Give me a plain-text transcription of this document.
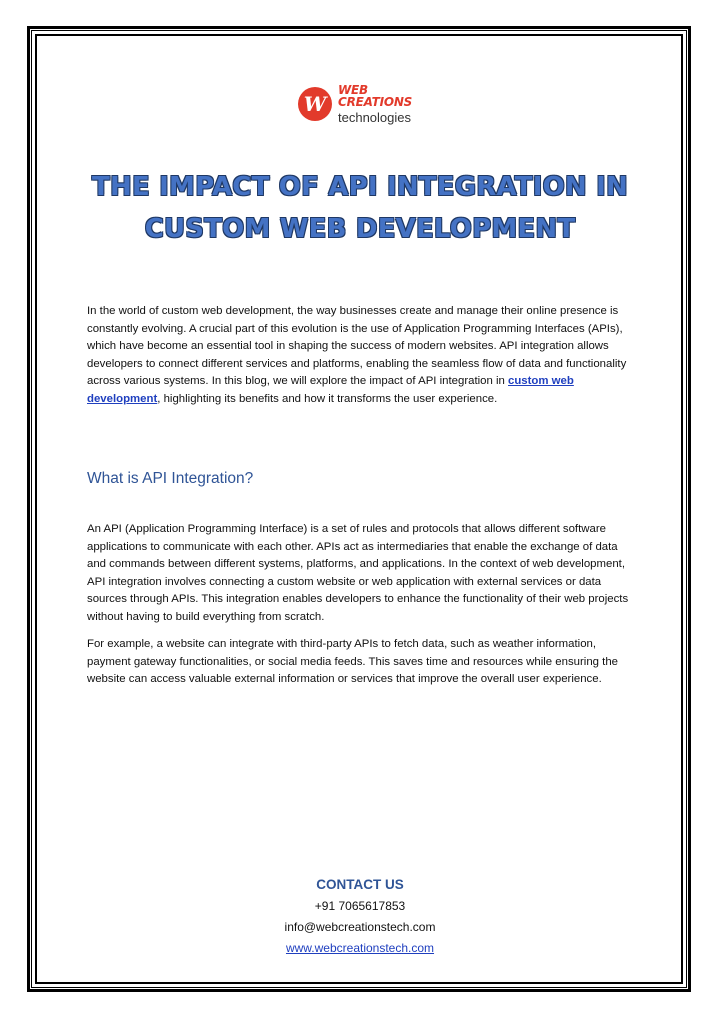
W
WEB CREATIONS
technologies
THE IMPACT OF API INTEGRATION IN CUSTOM WEB DEVELOPMENT

In the world of custom web development, the way businesses create and manage their online presence is constantly evolving. A crucial part of this evolution is the use of Application Programming Interfaces (APIs), which have become an essential tool in shaping the success of modern websites. API integration allows developers to connect different services and platforms, enabling the seamless flow of data and functionality across various systems. In this blog, we will explore the impact of API integration in custom web development, highlighting its benefits and how it transforms the user experience.

What is API Integration?

An API (Application Programming Interface) is a set of rules and protocols that allows different software applications to communicate with each other. APIs act as intermediaries that enable the exchange of data and commands between different systems, platforms, and applications. In the context of web development, API integration involves connecting a custom website or web application with external services or data sources through APIs. This integration enables developers to enhance the functionality of their web projects without having to build everything from scratch.

For example, a website can integrate with third-party APIs to fetch data, such as weather information, payment gateway functionalities, or social media feeds. This saves time and resources while ensuring the website can access valuable external information or services that improve the overall user experience.

CONTACT US
+91 7065617853
info@webcreationstech.com
www.webcreationstech.com
